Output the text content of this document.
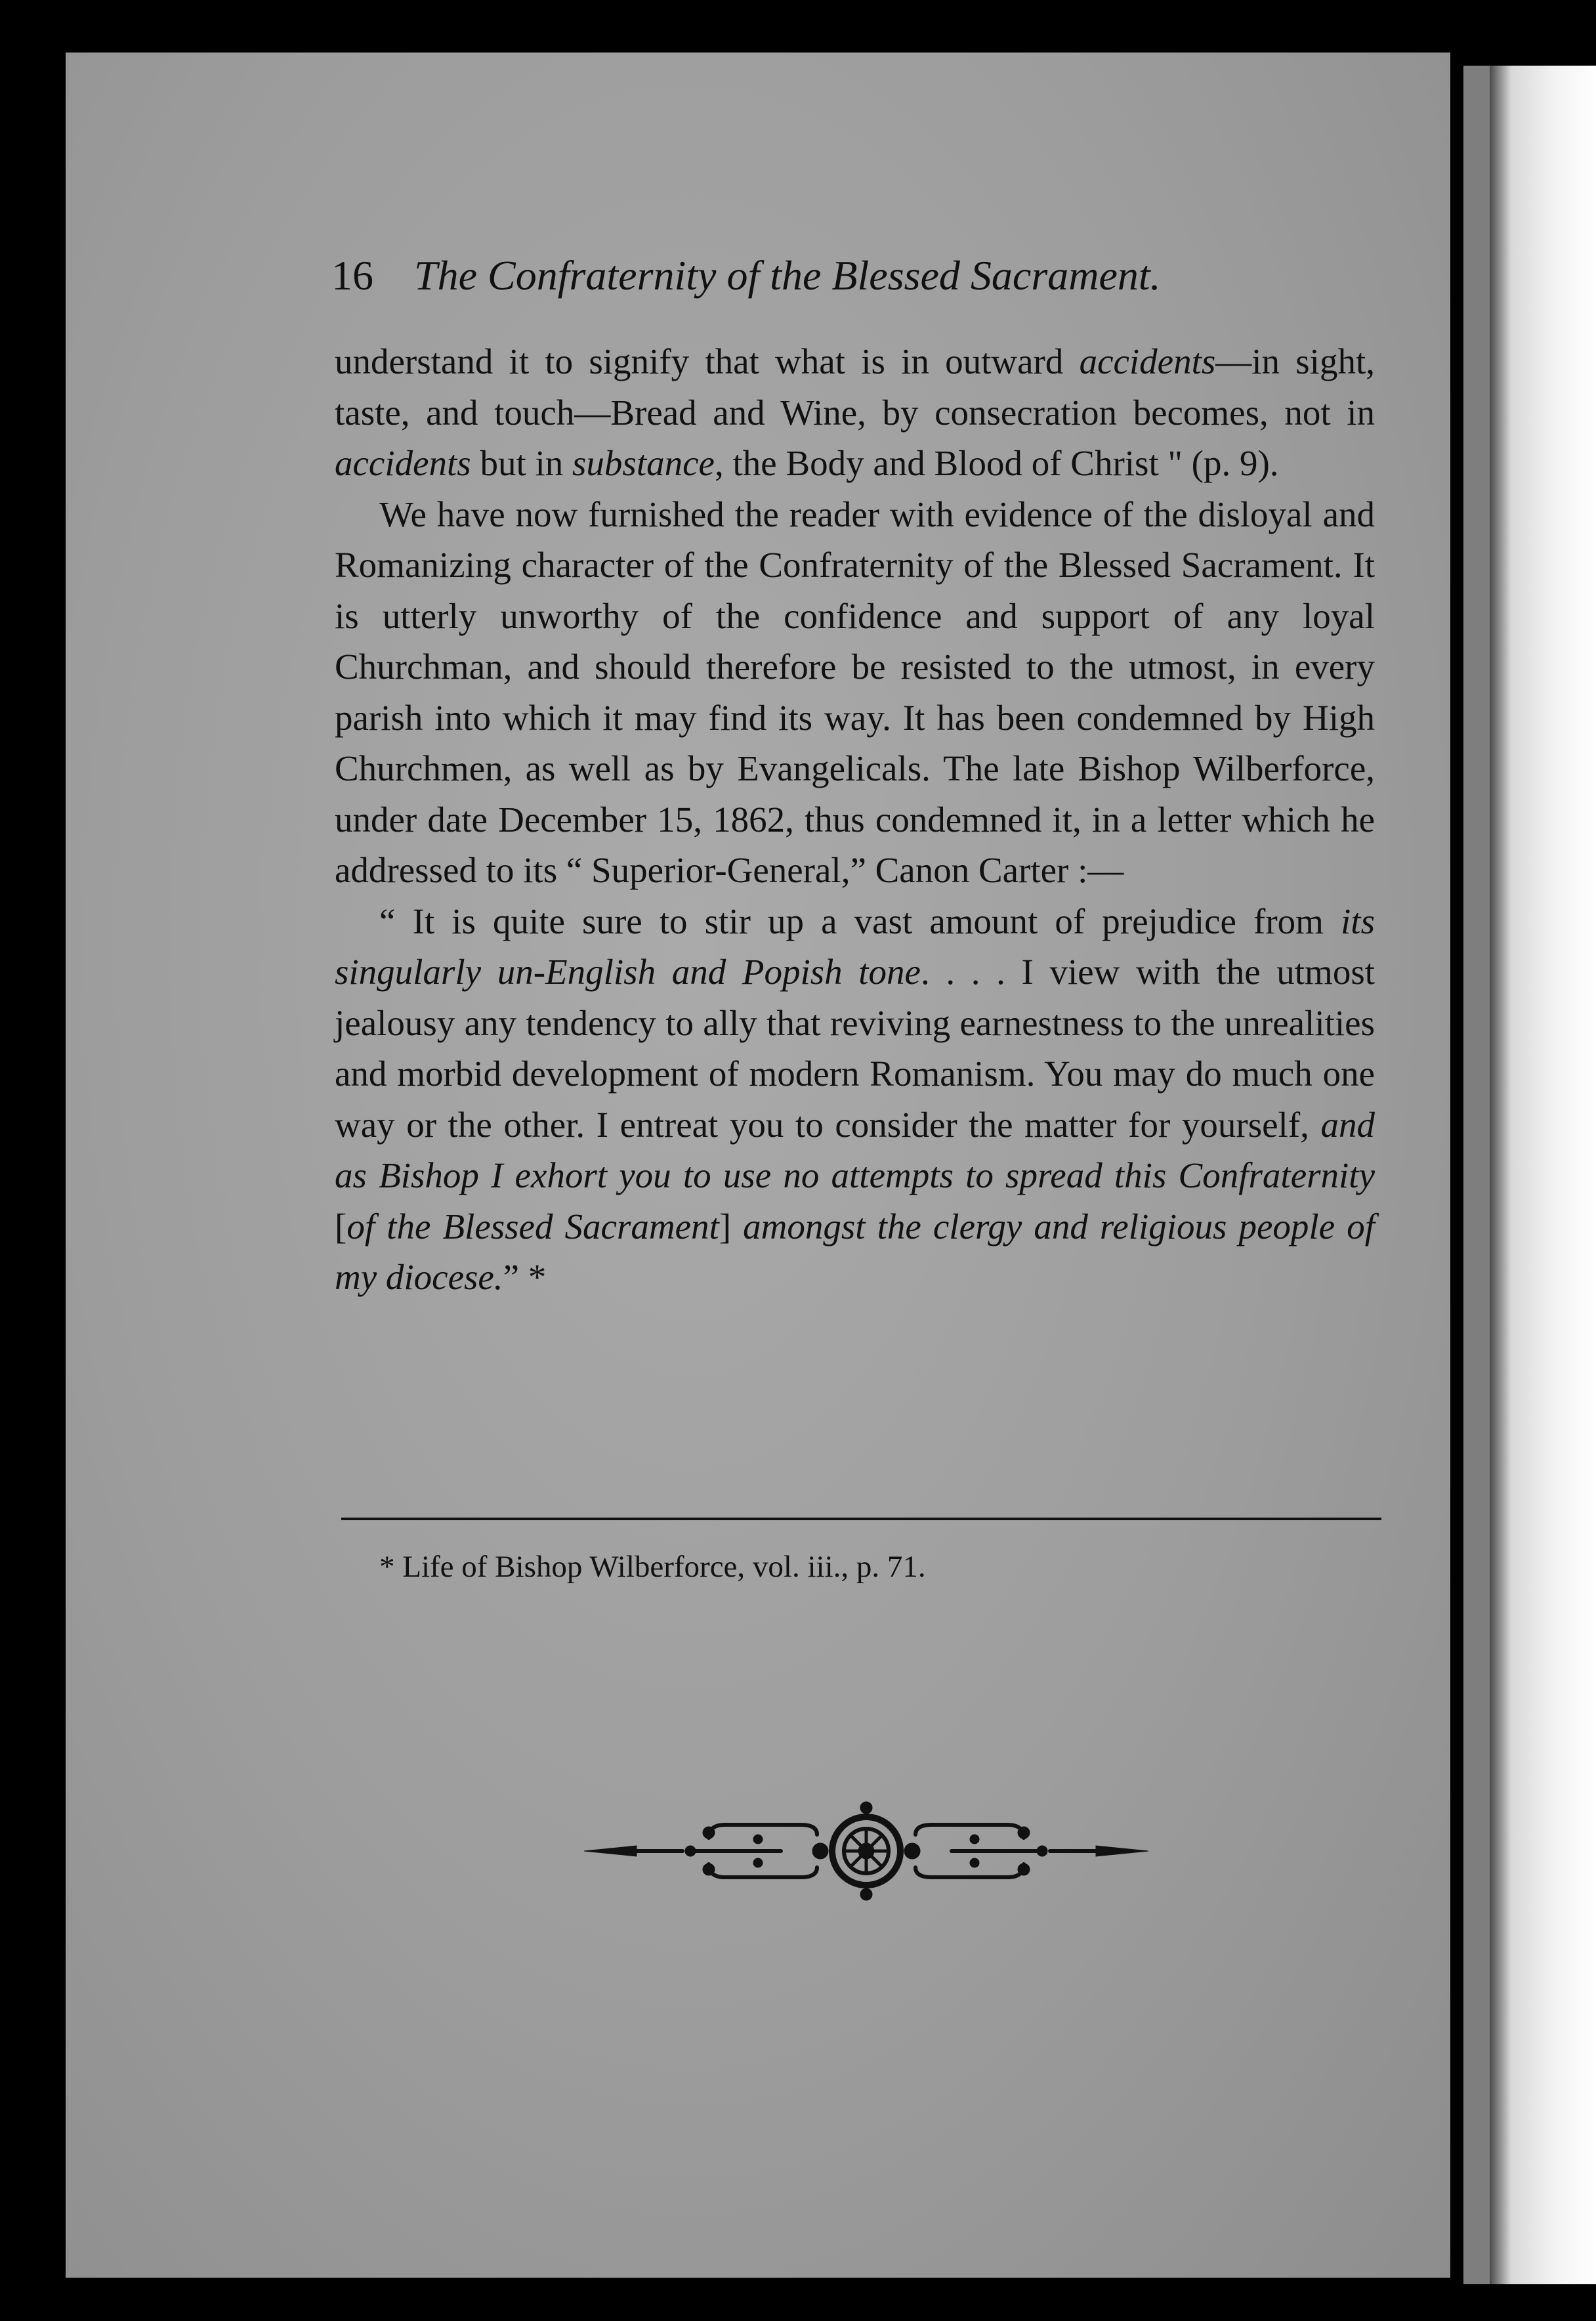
16 The Confraternity of the Blessed Sacrament.

understand it to signify that what is in outward accidents—in sight, taste, and touch—Bread and Wine, by consecration becomes, not in accidents but in substance, the Body and Blood of Christ " (p. 9).

We have now furnished the reader with evidence of the disloyal and Romanizing character of the Confraternity of the Blessed Sacrament. It is utterly unworthy of the confidence and support of any loyal Churchman, and should therefore be resisted to the utmost, in every parish into which it may find its way. It has been condemned by High Churchmen, as well as by Evangelicals. The late Bishop Wilberforce, under date December 15, 1862, thus condemned it, in a letter which he addressed to its “ Superior-General,” Canon Carter :—

“ It is quite sure to stir up a vast amount of prejudice from its singularly un-English and Popish tone. . . . I view with the utmost jealousy any tendency to ally that reviving earnestness to the unrealities and morbid development of modern Romanism. You may do much one way or the other. I entreat you to consider the matter for yourself, and as Bishop I exhort you to use no attempts to spread this Confraternity [of the Blessed Sacrament] amongst the clergy and religious people of my diocese.” *

* Life of Bishop Wilberforce, vol. iii., p. 71.
